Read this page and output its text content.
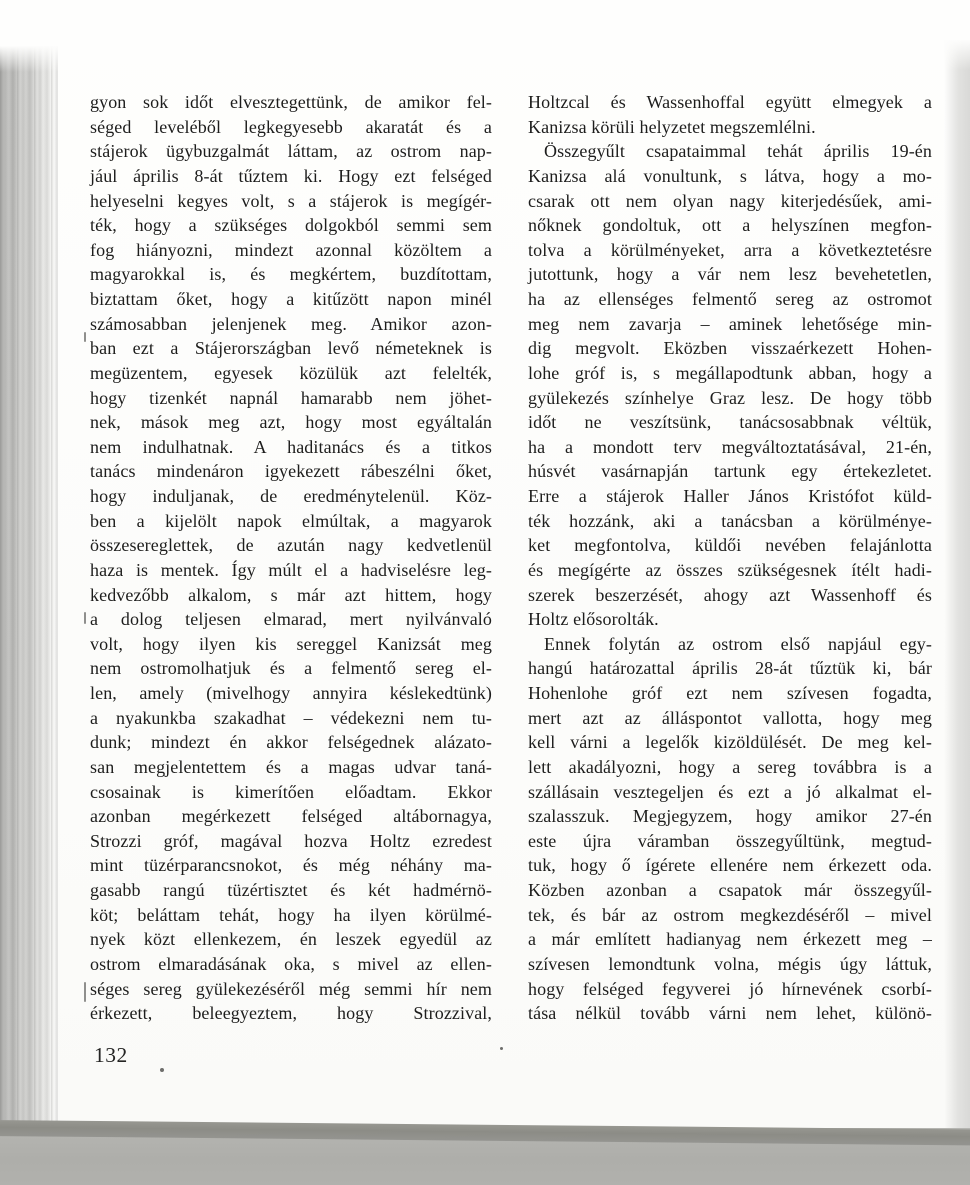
gyon sok időt elvesztegettünk, de amikor fel-
séged leveléből legkegyesebb akaratát és a
stájerok ügybuzgalmát láttam, az ostrom nap-
jául április 8-át tűztem ki. Hogy ezt felséged
helyeselni kegyes volt, s a stájerok is megígér-
ték, hogy a szükséges dolgokból semmi sem
fog hiányozni, mindezt azonnal közöltem a
magyarokkal is, és megkértem, buzdítottam,
biztattam őket, hogy a kitűzött napon minél
számosabban jelenjenek meg. Amikor azon-
ban ezt a Stájerországban levő németeknek is
megüzentem, egyesek közülük azt felelték,
hogy tizenkét napnál hamarabb nem jöhet-
nek, mások meg azt, hogy most egyáltalán
nem indulhatnak. A haditanács és a titkos
tanács mindenáron igyekezett rábeszélni őket,
hogy induljanak, de eredménytelenül. Köz-
ben a kijelölt napok elmúltak, a magyarok
összesereglettek, de azután nagy kedvetlenül
haza is mentek. Így múlt el a hadviselésre leg-
kedvezőbb alkalom, s már azt hittem, hogy
a dolog teljesen elmarad, mert nyilvánvaló
volt, hogy ilyen kis sereggel Kanizsát meg
nem ostromolhatjuk és a felmentő sereg el-
len, amely (mivelhogy annyira késlekedtünk)
a nyakunkba szakadhat – védekezni nem tu-
dunk; mindezt én akkor felségednek alázato-
san megjelentettem és a magas udvar taná-
csosainak is kimerítően előadtam. Ekkor
azonban megérkezett felséged altábornagya,
Strozzi gróf, magával hozva Holtz ezredest
mint tüzérparancsnokot, és még néhány ma-
gasabb rangú tüzértisztet és két hadmérnö-
köt; beláttam tehát, hogy ha ilyen körülmé-
nyek közt ellenkezem, én leszek egyedül az
ostrom elmaradásának oka, s mivel az ellen-
séges sereg gyülekezéséről még semmi hír nem
érkezett, beleegyeztem, hogy Strozzival,
Holtzcal és Wassenhoffal együtt elmegyek a
Kanizsa körüli helyzetet megszemlélni.
Összegyűlt csapataimmal tehát április 19-én
Kanizsa alá vonultunk, s látva, hogy a mo-
csarak ott nem olyan nagy kiterjedésűek, ami-
nőknek gondoltuk, ott a helyszínen megfon-
tolva a körülményeket, arra a következtetésre
jutottunk, hogy a vár nem lesz bevehetetlen,
ha az ellenséges felmentő sereg az ostromot
meg nem zavarja – aminek lehetősége min-
dig megvolt. Eközben visszaérkezett Hohen-
lohe gróf is, s megállapodtunk abban, hogy a
gyülekezés színhelye Graz lesz. De hogy több
időt ne veszítsünk, tanácsosabbnak véltük,
ha a mondott terv megváltoztatásával, 21-én,
húsvét vasárnapján tartunk egy értekezletet.
Erre a stájerok Haller János Kristófot küld-
ték hozzánk, aki a tanácsban a körülménye-
ket megfontolva, küldői nevében felajánlotta
és megígérte az összes szükségesnek ítélt hadi-
szerek beszerzését, ahogy azt Wassenhoff és
Holtz elősorolták.
Ennek folytán az ostrom első napjául egy-
hangú határozattal április 28-át tűztük ki, bár
Hohenlohe gróf ezt nem szívesen fogadta,
mert azt az álláspontot vallotta, hogy meg
kell várni a legelők kizöldülését. De meg kel-
lett akadályozni, hogy a sereg továbbra is a
szállásain vesztegeljen és ezt a jó alkalmat el-
szalasszuk. Megjegyzem, hogy amikor 27-én
este újra váramban összegyűltünk, megtud-
tuk, hogy ő ígérete ellenére nem érkezett oda.
Közben azonban a csapatok már összegyűl-
tek, és bár az ostrom megkezdéséről – mivel
a már említett hadianyag nem érkezett meg –
szívesen lemondtunk volna, mégis úgy láttuk,
hogy felséged fegyverei jó hírnevének csorbí-
tása nélkül tovább várni nem lehet, különö-
132
